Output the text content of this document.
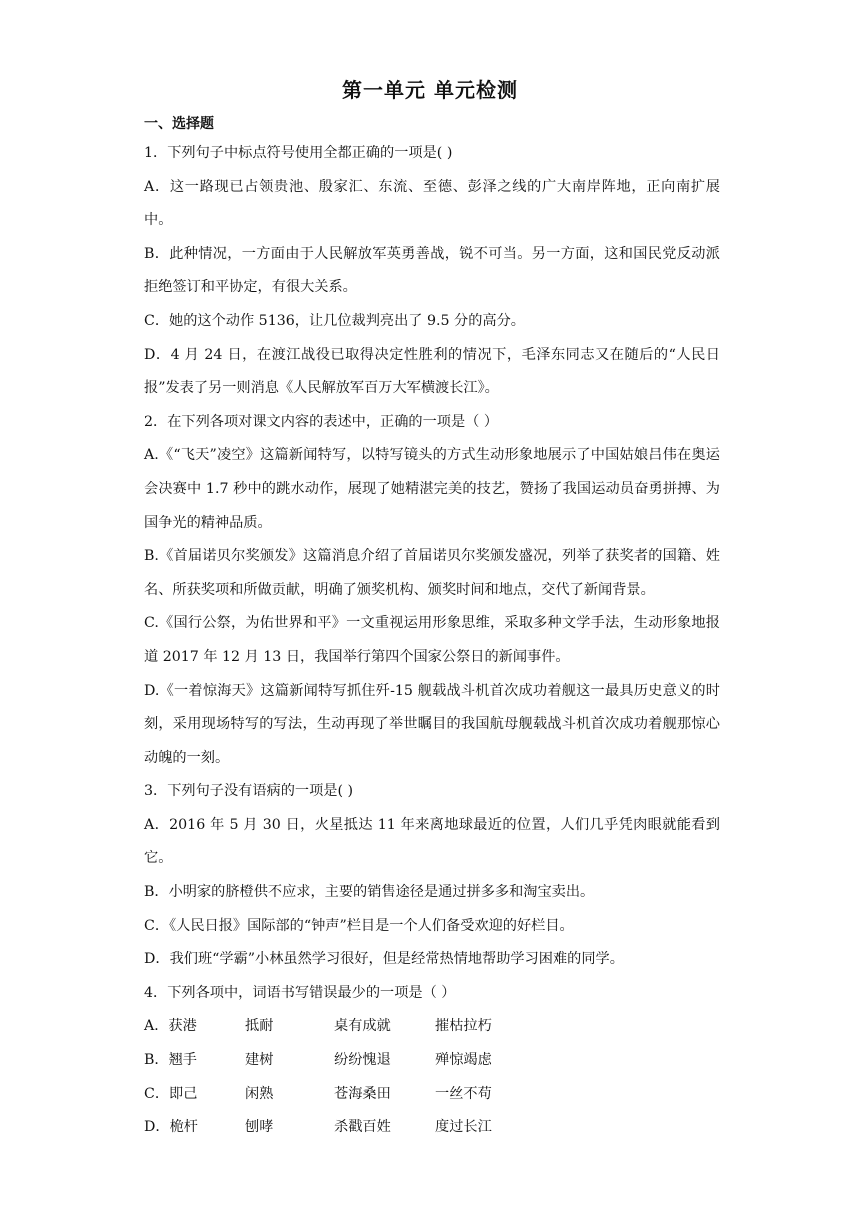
第一单元 单元检测
一、选择题

1．下列句子中标点符号使用全都正确的一项是( )

A．这一路现已占领贵池、殷家汇、东流、至德、彭泽之线的广大南岸阵地，正向南扩展中。

B．此种情况，一方面由于人民解放军英勇善战，锐不可当。另一方面，这和国民党反动派拒绝签订和平协定，有很大关系。

C．她的这个动作 5136，让几位裁判亮出了 9.5 分的高分。

D．4 月 24 日，在渡江战役已取得决定性胜利的情况下，毛泽东同志又在随后的“人民日报”发表了另一则消息《人民解放军百万大军横渡长江》。

2．在下列各项对课文内容的表述中，正确的一项是（ ）

A.《“飞天”凌空》这篇新闻特写，以特写镜头的方式生动形象地展示了中国姑娘吕伟在奥运会决赛中 1.7 秒中的跳水动作，展现了她精湛完美的技艺，赞扬了我国运动员奋勇拼搏、为国争光的精神品质。

B.《首届诺贝尔奖颁发》这篇消息介绍了首届诺贝尔奖颁发盛况，列举了获奖者的国籍、姓名、所获奖项和所做贡献，明确了颁奖机构、颁奖时间和地点，交代了新闻背景。

C.《国行公祭，为佑世界和平》一文重视运用形象思维，采取多种文学手法，生动形象地报道 2017 年 12 月 13 日，我国举行第四个国家公祭日的新闻事件。

D.《一着惊海天》这篇新闻特写抓住歼-15 舰载战斗机首次成功着舰这一最具历史意义的时刻，采用现场特写的写法，生动再现了举世瞩目的我国航母舰载战斗机首次成功着舰那惊心动魄的一刻。

3．下列句子没有语病的一项是( )

A．2016 年 5 月 30 日，火星抵达 11 年来离地球最近的位置，人们几乎凭肉眼就能看到它。

B．小明家的脐橙供不应求，主要的销售途径是通过拼多多和淘宝卖出。

C．《人民日报》国际部的“钟声”栏目是一个人们备受欢迎的好栏目。

D．我们班“学霸”小林虽然学习很好，但是经常热情地帮助学习困难的同学。

4．下列各项中，词语书写错误最少的一项是（ ）

A．获港	抵耐	桌有成就	摧枯拉朽
B．翘手	建树	纷纷愧退	殚惊竭虑
C．即己	闲熟	苍海桑田	一丝不苟
D．桅杆	刨哮	杀戳百姓	度过长江
